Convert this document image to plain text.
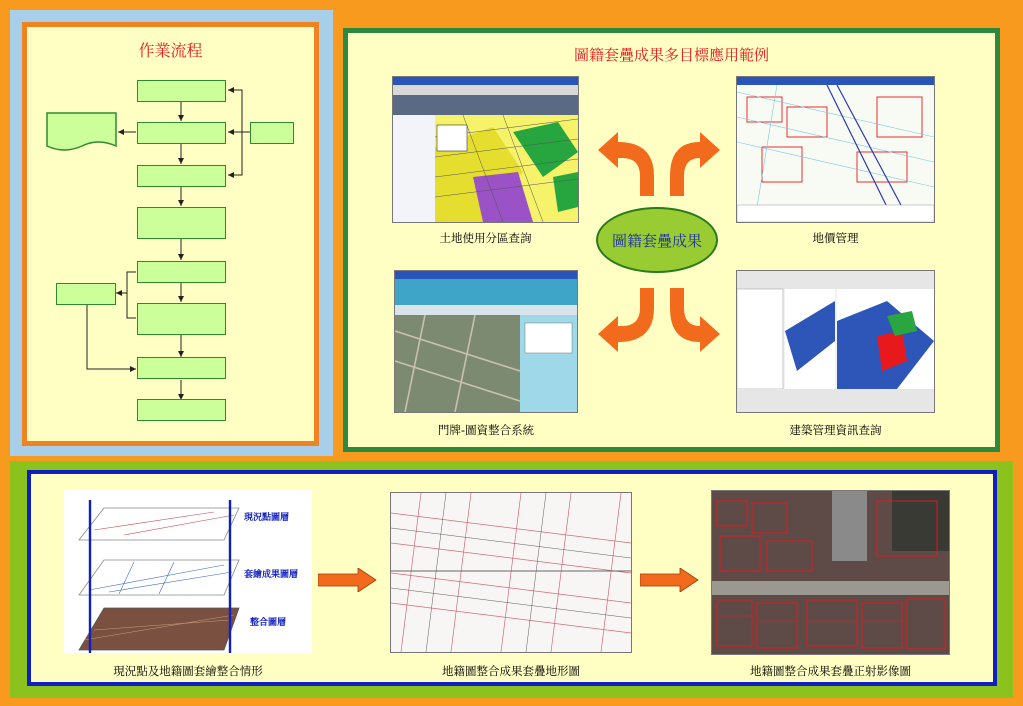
作業流程	圖籍套疊成果多目標應用範例
土地使用分區查詢	地價管理
門牌-圖資整合系統	建築管理資訊查詢
圖籍套疊成果
現況點圖層
套繪成果圖層
整合圖層
現況點及地籍圖套繪整合情形	地籍圖整合成果套疊地形圖	地籍圖整合成果套疊正射影像圖
